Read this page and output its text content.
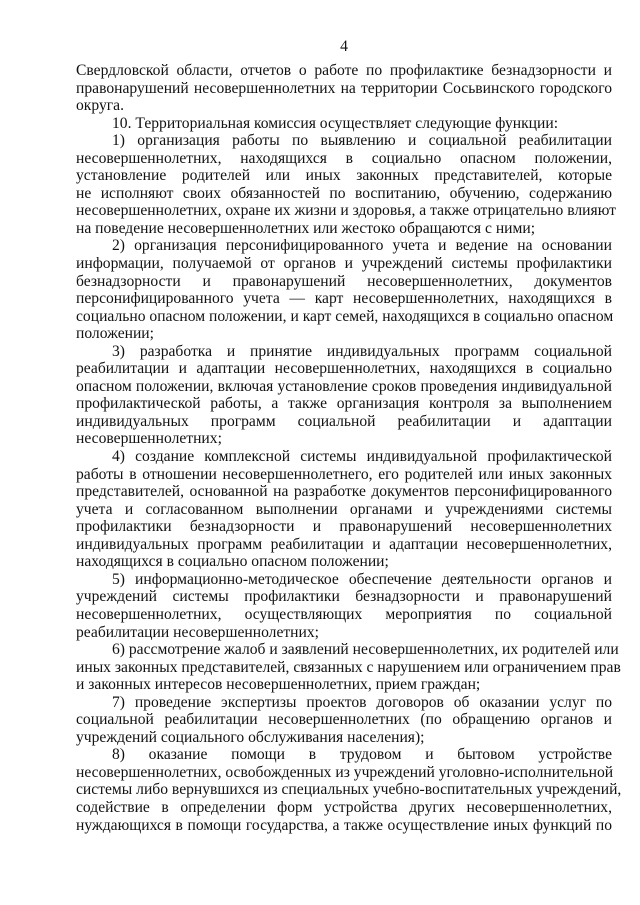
4
Свердловской области, отчетов о работе по профилактике безнадзорности и
правонарушений несовершеннолетних на территории Сосьвинского городского
округа.
10. Территориальная комиссия осуществляет следующие функции:
1) организация работы по выявлению и социальной реабилитации
несовершеннолетних, находящихся в социально опасном положении,
установление родителей или иных законных представителей, которые
не исполняют своих обязанностей по воспитанию, обучению, содержанию
несовершеннолетних, охране их жизни и здоровья, а также отрицательно влияют
на поведение несовершеннолетних или жестоко обращаются с ними;
2) организация персонифицированного учета и ведение на основании
информации, получаемой от органов и учреждений системы профилактики
безнадзорности и правонарушений несовершеннолетних, документов
персонифицированного учета — карт несовершеннолетних, находящихся в
социально опасном положении, и карт семей, находящихся в социально опасном
положении;
3) разработка и принятие индивидуальных программ социальной
реабилитации и адаптации несовершеннолетних, находящихся в социально
опасном положении, включая установление сроков проведения индивидуальной
профилактической работы, а также организация контроля за выполнением
индивидуальных программ социальной реабилитации и адаптации
несовершеннолетних;
4) создание комплексной системы индивидуальной профилактической
работы в отношении несовершеннолетнего, его родителей или иных законных
представителей, основанной на разработке документов персонифицированного
учета и согласованном выполнении органами и учреждениями системы
профилактики безнадзорности и правонарушений несовершеннолетних
индивидуальных программ реабилитации и адаптации несовершеннолетних,
находящихся в социально опасном положении;
5) информационно-методическое обеспечение деятельности органов и
учреждений системы профилактики безнадзорности и правонарушений
несовершеннолетних, осуществляющих мероприятия по социальной
реабилитации несовершеннолетних;
6) рассмотрение жалоб и заявлений несовершеннолетних, их родителей или
иных законных представителей, связанных с нарушением или ограничением прав
и законных интересов несовершеннолетних, прием граждан;
7) проведение экспертизы проектов договоров об оказании услуг по
социальной реабилитации несовершеннолетних (по обращению органов и
учреждений социального обслуживания населения);
8) оказание помощи в трудовом и бытовом устройстве
несовершеннолетних, освобожденных из учреждений уголовно-исполнительной
системы либо вернувшихся из специальных учебно-воспитательных учреждений,
содействие в определении форм устройства других несовершеннолетних,
нуждающихся в помощи государства, а также осуществление иных функций по
